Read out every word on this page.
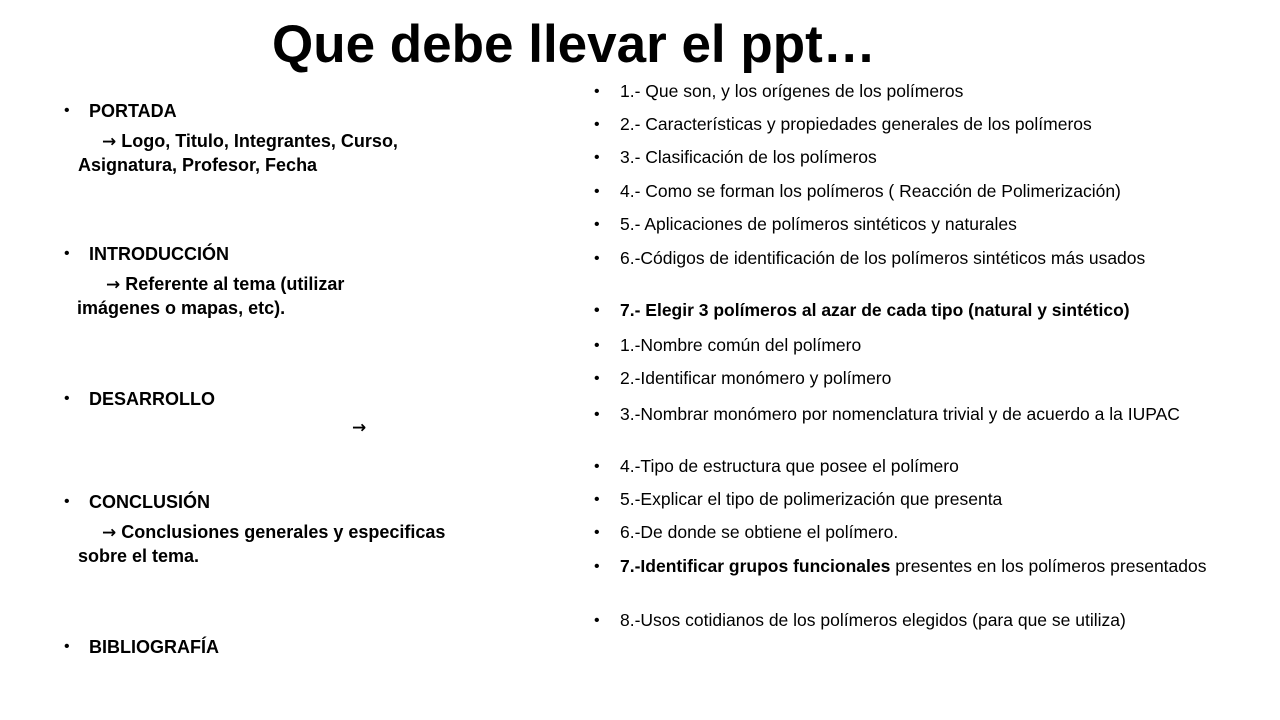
Que debe llevar el ppt…
• PORTADA
→ Logo, Titulo, Integrantes, Curso,
Asignatura, Profesor, Fecha
• INTRODUCCIÓN
→ Referente al tema (utilizar
imágenes o mapas, etc).
• DESARROLLO
→
• CONCLUSIÓN
→ Conclusiones generales y especificas
sobre el tema.
• BIBLIOGRAFÍA
• 1.- Que son, y los orígenes de los polímeros
• 2.- Características y propiedades generales de los polímeros
• 3.- Clasificación de los polímeros
• 4.- Como se forman los polímeros ( Reacción de Polimerización)
• 5.- Aplicaciones de polímeros sintéticos y naturales
• 6.-Códigos de identificación de los polímeros sintéticos más usados
• 7.- Elegir 3 polímeros al azar de cada tipo (natural y sintético)
• 1.-Nombre común del polímero
• 2.-Identificar monómero y polímero
• 3.-Nombrar monómero por nomenclatura trivial y de acuerdo a la IUPAC
• 4.-Tipo de estructura que posee el polímero
• 5.-Explicar el tipo de polimerización que presenta
• 6.-De donde se obtiene el polímero.
• 7.-Identificar grupos funcionales presentes en los polímeros presentados
• 8.-Usos cotidianos de los polímeros elegidos (para que se utiliza)
